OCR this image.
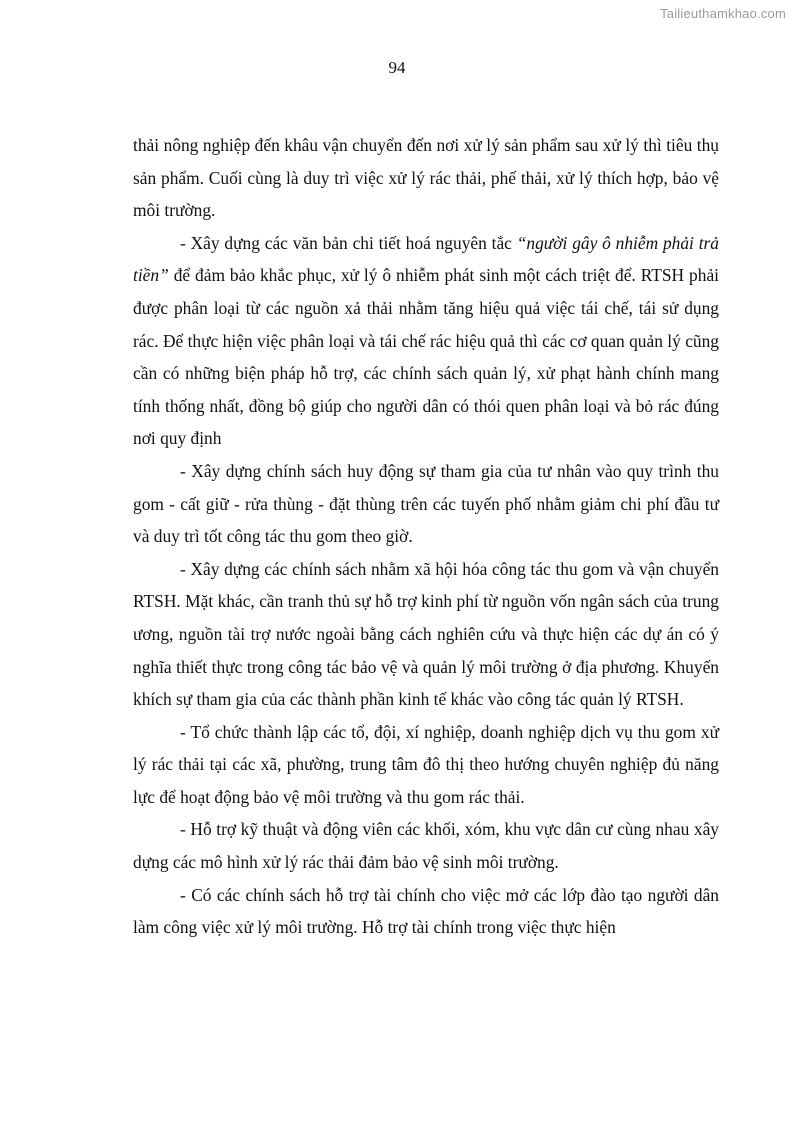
Tailieuthamkhao.com
94

thải nông nghiệp đến khâu vận chuyển đến nơi xử lý sản phẩm sau xử lý thì tiêu thụ sản phẩm. Cuối cùng là duy trì việc xử lý rác thải, phế thải, xử lý thích hợp, bảo vệ môi trường.

- Xây dựng các văn bản chi tiết hoá nguyên tắc “người gây ô nhiễm phải trả tiền” để đảm bảo khắc phục, xử lý ô nhiễm phát sinh một cách triệt để. RTSH phải được phân loại từ các nguồn xả thải nhằm tăng hiệu quả việc tái chế, tái sử dụng rác. Để thực hiện việc phân loại và tái chế rác hiệu quả thì các cơ quan quản lý cũng cần có những biện pháp hỗ trợ, các chính sách quản lý, xử phạt hành chính mang tính thống nhất, đồng bộ giúp cho người dân có thói quen phân loại và bỏ rác đúng nơi quy định

- Xây dựng chính sách huy động sự tham gia của tư nhân vào quy trình thu gom - cất giữ - rửa thùng - đặt thùng trên các tuyến phố nhằm giảm chi phí đầu tư và duy trì tốt công tác thu gom theo giờ.

- Xây dựng các chính sách nhằm xã hội hóa công tác thu gom và vận chuyển RTSH. Mặt khác, cần tranh thủ sự hỗ trợ kinh phí từ nguồn vốn ngân sách của trung ương, nguồn tài trợ nước ngoài bằng cách nghiên cứu và thực hiện các dự án có ý nghĩa thiết thực trong công tác bảo vệ và quản lý môi trường ở địa phương. Khuyến khích sự tham gia của các thành phần kinh tế khác vào công tác quản lý RTSH.

- Tổ chức thành lập các tổ, đội, xí nghiệp, doanh nghiệp dịch vụ thu gom xử lý rác thải tại các xã, phường, trung tâm đô thị theo hướng chuyên nghiệp đủ năng lực để hoạt động bảo vệ môi trường và thu gom rác thải.

- Hỗ trợ kỹ thuật và động viên các khối, xóm, khu vực dân cư cùng nhau xây dựng các mô hình xử lý rác thải đảm bảo vệ sinh môi trường.

- Có các chính sách hỗ trợ tài chính cho việc mở các lớp đào tạo người dân làm công việc xử lý môi trường. Hỗ trợ tài chính trong việc thực hiện
